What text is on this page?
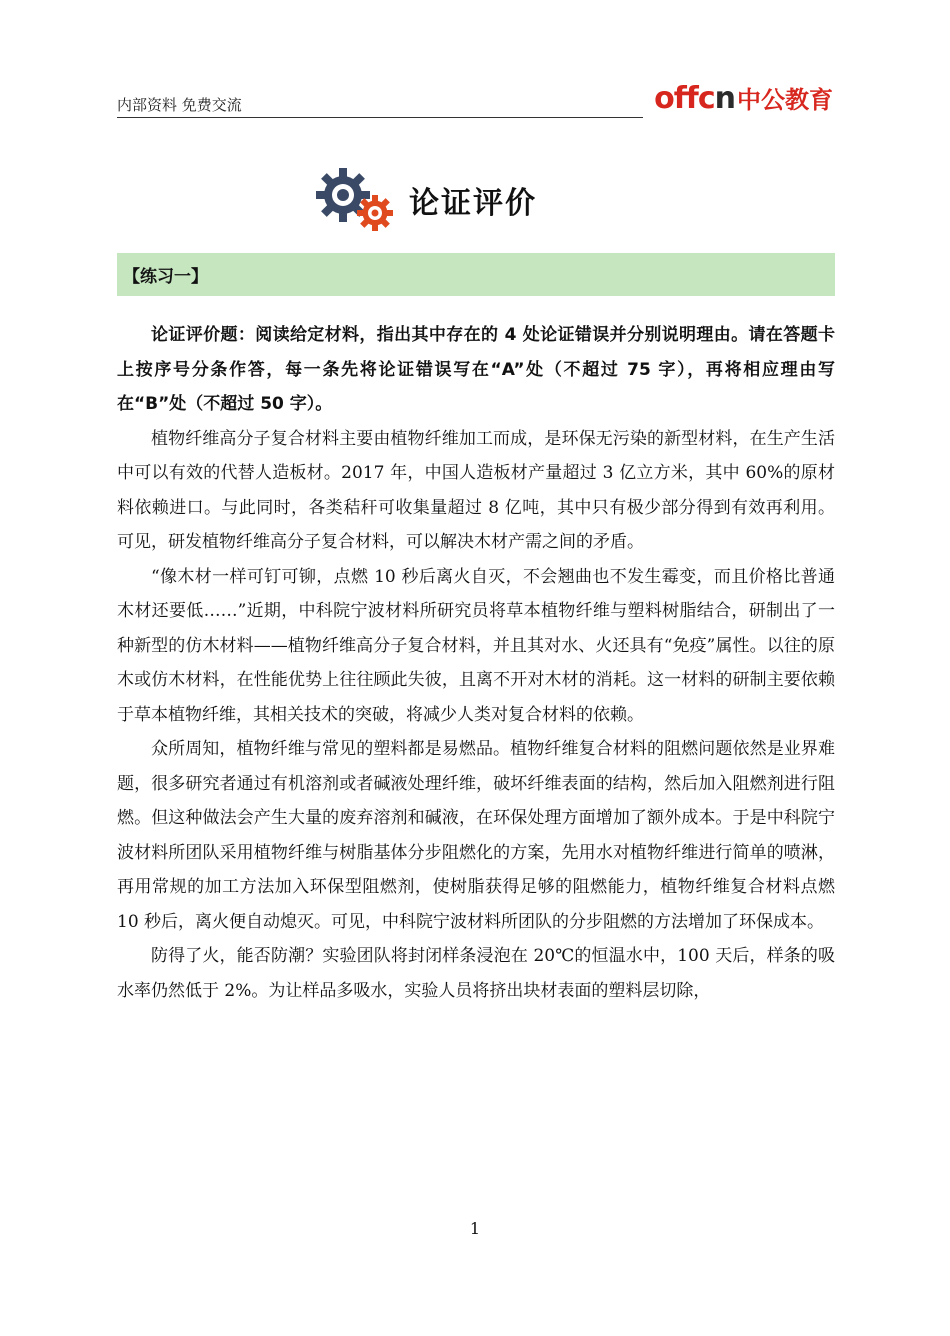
内部资料 免费交流	offcn 中公教育
论证评价
【练习一】

论证评价题：阅读给定材料，指出其中存在的 4 处论证错误并分别说明理由。请在答题卡上按序号分条作答，每一条先将论证错误写在“A”处（不超过 75 字），再将相应理由写在“B”处（不超过 50 字）。

植物纤维高分子复合材料主要由植物纤维加工而成，是环保无污染的新型材料，在生产生活中可以有效的代替人造板材。2017 年，中国人造板材产量超过 3 亿立方米，其中 60%的原材料依赖进口。与此同时，各类秸秆可收集量超过 8 亿吨，其中只有极少部分得到有效再利用。可见，研发植物纤维高分子复合材料，可以解决木材产需之间的矛盾。

“像木材一样可钉可铆，点燃 10 秒后离火自灭，不会翘曲也不发生霉变，而且价格比普通木材还要低……”近期，中科院宁波材料所研究员将草本植物纤维与塑料树脂结合，研制出了一种新型的仿木材料——植物纤维高分子复合材料，并且其对水、火还具有“免疫”属性。以往的原木或仿木材料，在性能优势上往往顾此失彼，且离不开对木材的消耗。这一材料的研制主要依赖于草本植物纤维，其相关技术的突破，将减少人类对复合材料的依赖。

众所周知，植物纤维与常见的塑料都是易燃品。植物纤维复合材料的阻燃问题依然是业界难题，很多研究者通过有机溶剂或者碱液处理纤维，破坏纤维表面的结构，然后加入阻燃剂进行阻燃。但这种做法会产生大量的废弃溶剂和碱液，在环保处理方面增加了额外成本。于是中科院宁波材料所团队采用植物纤维与树脂基体分步阻燃化的方案，先用水对植物纤维进行简单的喷淋，再用常规的加工方法加入环保型阻燃剂，使树脂获得足够的阻燃能力，植物纤维复合材料点燃 10 秒后，离火便自动熄灭。可见，中科院宁波材料所团队的分步阻燃的方法增加了环保成本。

防得了火，能否防潮？实验团队将封闭样条浸泡在 20℃的恒温水中，100 天后，样条的吸水率仍然低于 2%。为让样品多吸水，实验人员将挤出块材表面的塑料层切除，

1
